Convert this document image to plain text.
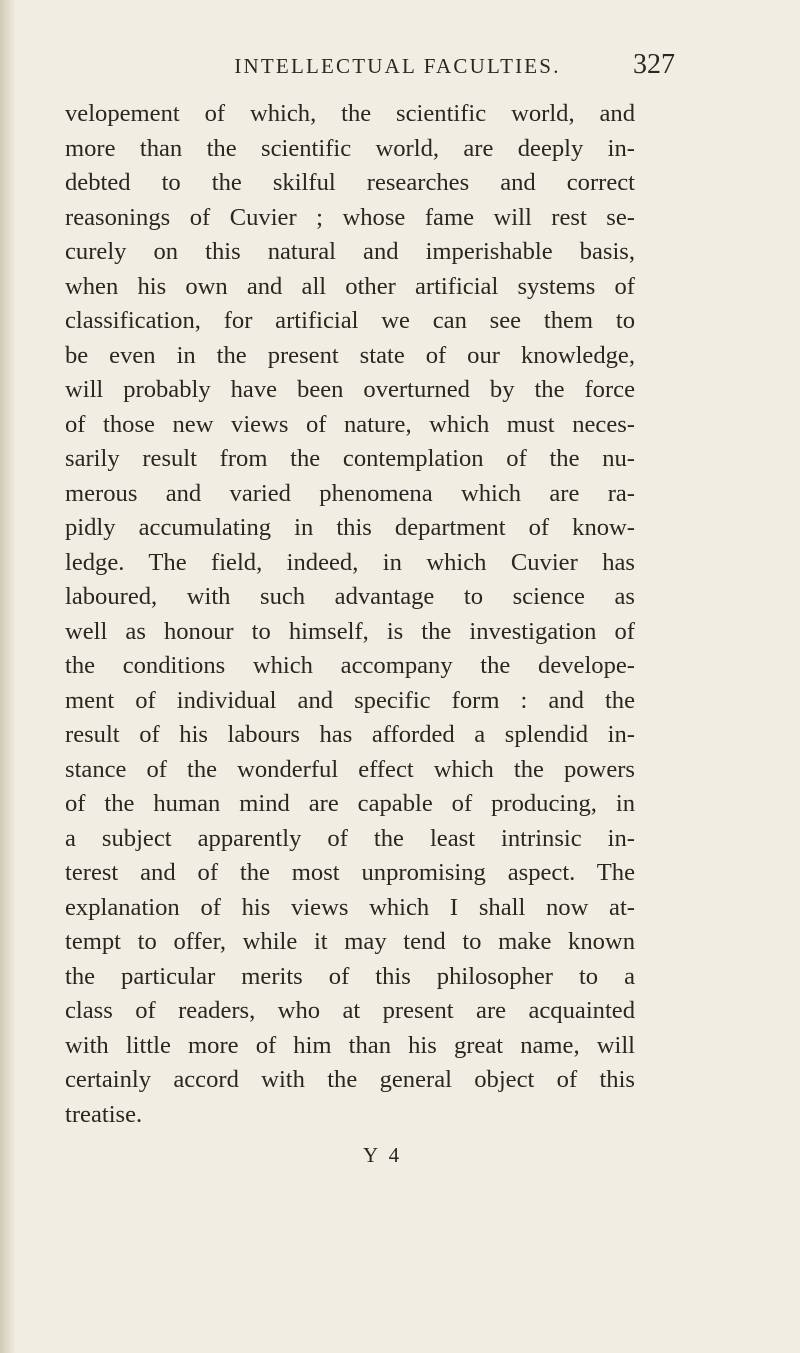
INTELLECTUAL FACULTIES.	327

velopement of which, the scientific world, and
more than the scientific world, are deeply in-
debted to the skilful researches and correct
reasonings of Cuvier ; whose fame will rest se-
curely on this natural and imperishable basis,
when his own and all other artificial systems of
classification, for artificial we can see them to
be even in the present state of our knowledge,
will probably have been overturned by the force
of those new views of nature, which must neces-
sarily result from the contemplation of the nu-
merous and varied phenomena which are ra-
pidly accumulating in this department of know-
ledge. The field, indeed, in which Cuvier has
laboured, with such advantage to science as
well as honour to himself, is the investigation of
the conditions which accompany the develope-
ment of individual and specific form : and the
result of his labours has afforded a splendid in-
stance of the wonderful effect which the powers
of the human mind are capable of producing, in
a subject apparently of the least intrinsic in-
terest and of the most unpromising aspect. The
explanation of his views which I shall now at-
tempt to offer, while it may tend to make known
the particular merits of this philosopher to a
class of readers, who at present are acquainted
with little more of him than his great name, will
certainly accord with the general object of this
treatise.

Y 4
